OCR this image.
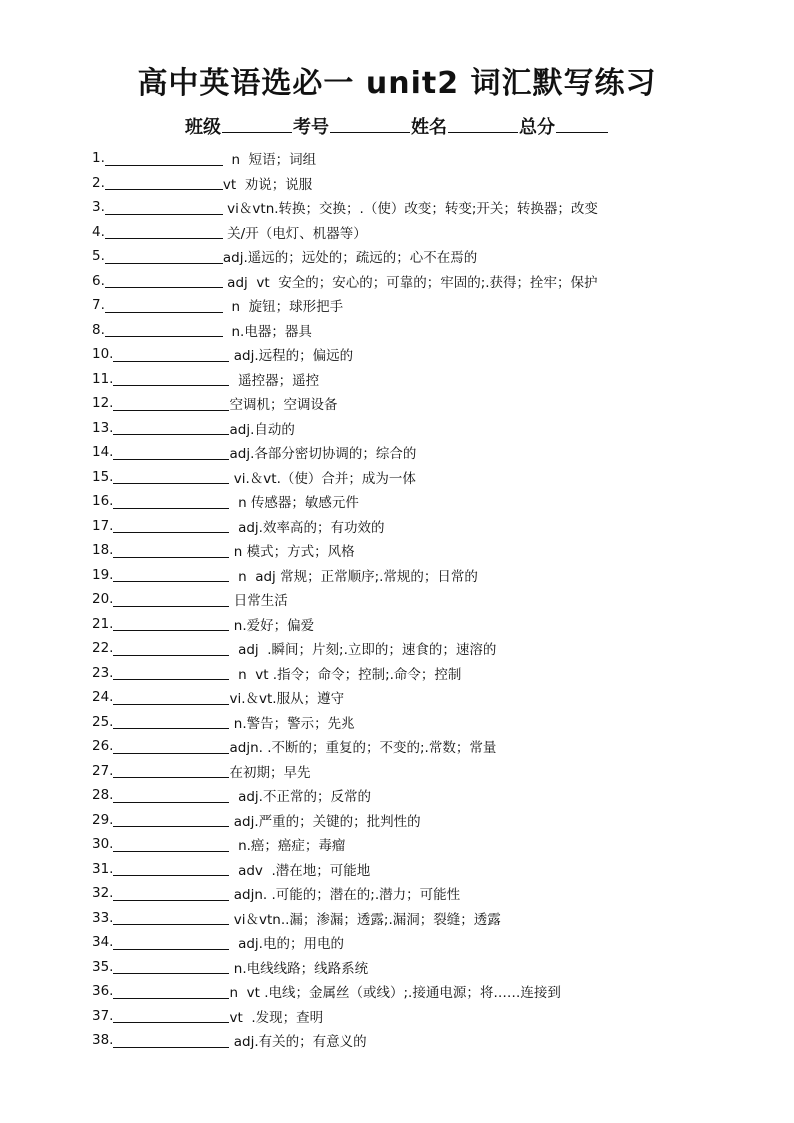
高中英语选必一 unit2 词汇默写练习
班级	考号	姓名	总分
1.	n  短语；词组
2.	vt  劝说；说服
3.	vi＆vtn.转换；交换；.（使）改变；转变;开关；转换器；改变
4.	关/开（电灯、机器等）
5.	adj.遥远的；远处的；疏远的；心不在焉的
6.	adj  vt  安全的；安心的；可靠的；牢固的;.获得；拴牢；保护
7.	n  旋钮；球形把手
8.	n.电器；器具
10.	adj.远程的；偏远的
11.	遥控器；遥控
12.	空调机；空调设备
13.	adj.自动的
14.	adj.各部分密切协调的；综合的
15.	vi.＆vt.（使）合并；成为一体
16.	n 传感器；敏感元件
17.	adj.效率高的；有功效的
18.	n 模式；方式；风格
19.	n  adj 常规；正常顺序;.常规的；日常的
20.	日常生活
21.	n.爱好；偏爱
22.	adj  .瞬间；片刻;.立即的；速食的；速溶的
23.	n  vt .指令；命令；控制;.命令；控制
24.	vi.＆vt.服从；遵守
25.	n.警告；警示；先兆
26.	adjn. .不断的；重复的；不变的;.常数；常量
27.	在初期；早先
28.	adj.不正常的；反常的
29.	adj.严重的；关键的；批判性的
30.	n.癌；癌症；毒瘤
31.	adv  .潜在地；可能地
32.	adjn. .可能的；潜在的;.潜力；可能性
33.	vi＆vtn..漏；渗漏；透露;.漏洞；裂缝；透露
34.	adj.电的；用电的
35.	n.电线线路；线路系统
36.	n  vt .电线；金属丝（或线）;.接通电源；将……连接到
37.	vt  .发现；查明
38.	adj.有关的；有意义的
